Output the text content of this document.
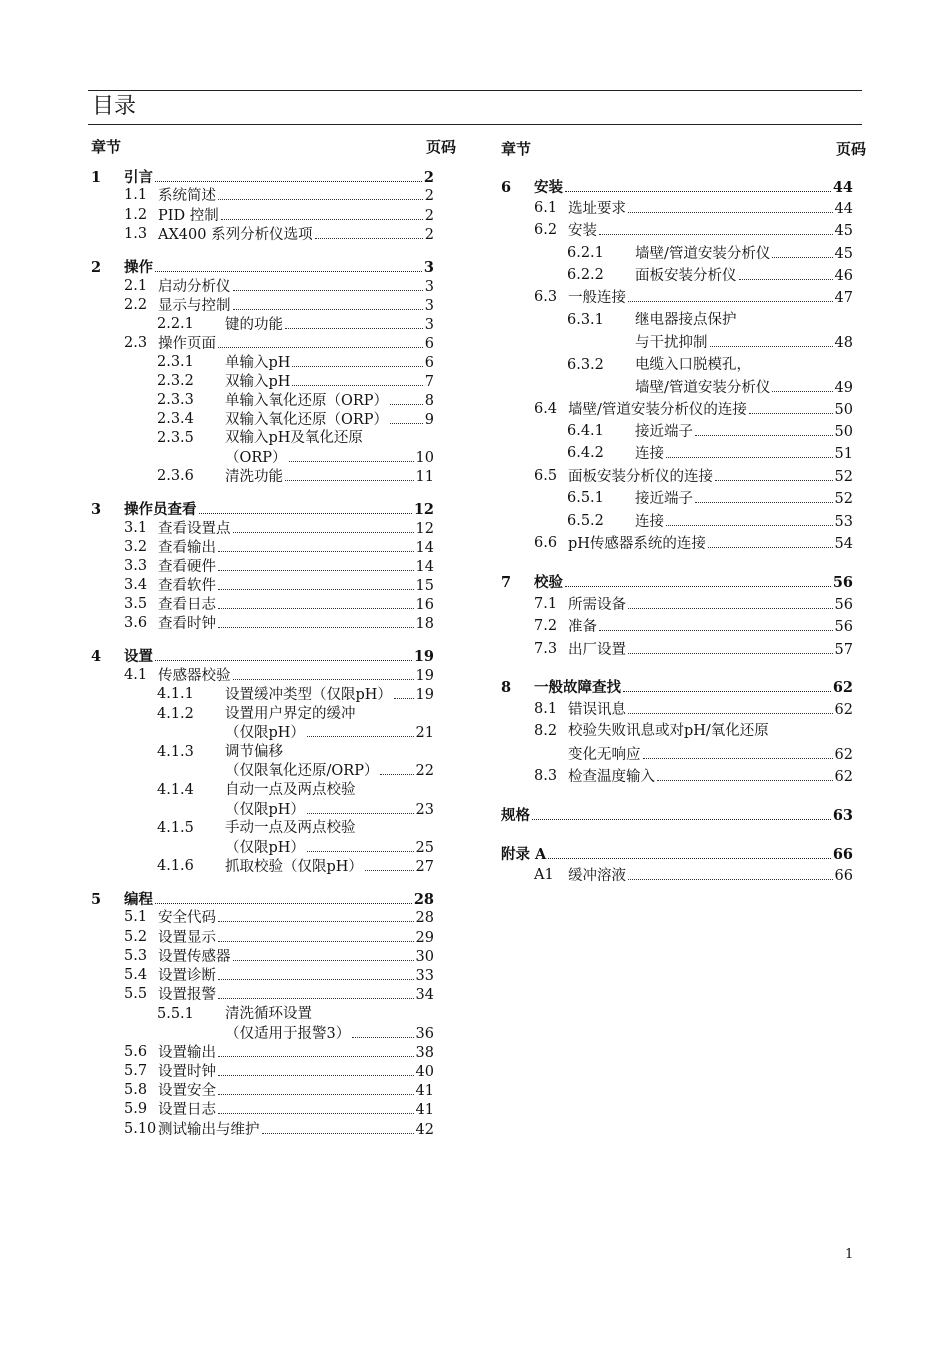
目录
章节	页码	章节	页码
1 引言	2
1.1 系统简述	2
1.2 PID 控制	2
1.3 AX400 系列分析仪选项	2
2 操作	3
2.1 启动分析仪	3
2.2 显示与控制	3
2.2.1 键的功能	3
2.3 操作页面	6
2.3.1 单输入pH	6
2.3.2 双输入pH	7
2.3.3 单输入氧化还原（ORP）	8
2.3.4 双输入氧化还原（ORP）	9
2.3.5 双输入pH及氧化还原
（ORP）	10
2.3.6 清洗功能	11
3 操作员查看	12
3.1 查看设置点	12
3.2 查看输出	14
3.3 查看硬件	14
3.4 查看软件	15
3.5 查看日志	16
3.6 查看时钟	18
4 设置	19
4.1 传感器校验	19
4.1.1 设置缓冲类型（仅限pH） 19
4.1.2 设置用户界定的缓冲
（仅限pH）	21
4.1.3 调节偏移
（仅限氧化还原/ORP）	22
4.1.4 自动一点及两点校验
（仅限pH）	23
4.1.5 手动一点及两点校验
（仅限pH）	25
4.1.6 抓取校验（仅限pH）	27
5 编程	28
5.1 安全代码	28
5.2 设置显示	29
5.3 设置传感器	30
5.4 设置诊断	33
5.5 设置报警	34
5.5.1 清洗循环设置
（仅适用于报警3）	36
5.6 设置输出	38
5.7 设置时钟	40
5.8 设置安全	41
5.9 设置日志	41
5.10 测试输出与维护	42
6 安装	44
6.1 选址要求	44
6.2 安装	45
6.2.1 墙壁/管道安装分析仪	45
6.2.2 面板安装分析仪	46
6.3 一般连接	47
6.3.1 继电器接点保护
与干扰抑制	48
6.3.2 电缆入口脱模孔，
墙壁/管道安装分析仪	49
6.4 墙壁/管道安装分析仪的连接	50
6.4.1 接近端子	50
6.4.2 连接	51
6.5 面板安装分析仪的连接	52
6.5.1 接近端子	52
6.5.2 连接	53
6.6 pH传感器系统的连接	54
7 校验	56
7.1 所需设备	56
7.2 准备	56
7.3 出厂设置	57
8 一般故障查找	62
8.1 错误讯息	62
8.2 校验失败讯息或对pH/氧化还原
变化无响应	62
8.3 检查温度输入	62
规格	63
附录 A	66
A1 缓冲溶液	66
1
